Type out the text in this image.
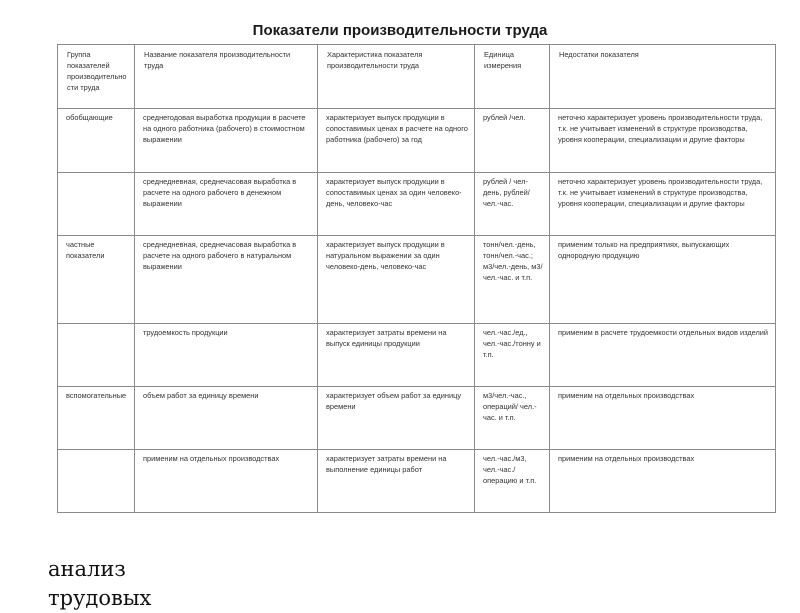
Показатели производительности труда
Группа показателей производительности труда	Название показателя производительности труда	Характеристика показателя производительности труда	Единица измерения	Недостатки показателя
обобщающие	среднегодовая выработка продукции в расчете на одного работника (рабочего) в стоимостном выражении	характеризует выпуск продукции в сопоставимых ценах в расчете на одного работника (рабочего) за год	рублей /чел.	неточно характеризует уровень производительности труда, т.к. не учитывает изменений в структуре производства, уровня кооперации, специализации и другие факторы
	среднедневная, среднечасовая выработка в расчете на одного рабочего в денежном выражении	характеризует выпуск продукции в сопоставимых ценах за один человеко-день, человеко-час	рублей / чел-день, рублей/ чел.-час.	неточно характеризует уровень производительности труда, т.к. не учитывает изменений в структуре производства, уровня кооперации, специализации и другие факторы
частные показатели	среднедневная, среднечасовая выработка в расчете на одного рабочего в натуральном выражении	характеризует выпуск продукции в натуральном выражении за один человеко-день, человеко-час	тонн/чел.-день, тонн/чел.-час.; м3/чел.-день, м3/ чел.-час. и т.п.	применим только на предприятиях, выпускающих однородную продукцию
	трудоемкость продукции	характеризует затраты времени на выпуск единицы продукции	чел.-час./ед., чел.-час./тонну и т.п.	применим в расчете трудоемкости отдельных видов изделий
вспомогательные	объем работ за единицу времени	характеризует объем работ за единицу времени	м3/чел.-час., операций/ чел.-час. и т.п.	применим на отдельных производствах
	применим на отдельных производствах	характеризует затраты времени на выполнение единицы работ	чел.-час./м3, чел.-час./операцию и т.п.	применим на отдельных производствах
анализ
трудовых
